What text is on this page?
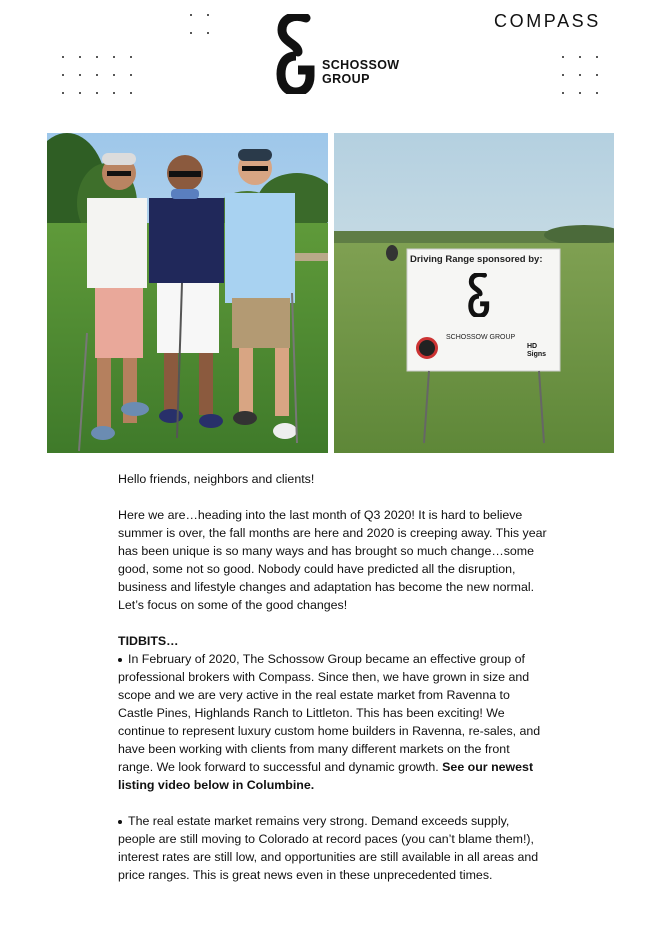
SCHOSSOW
GROUP
COMPASS
Driving Range sponsored by:
SCHOSSOW GROUP
HD Signs

Hello friends, neighbors and clients!

Here we are…heading into the last month of Q3 2020! It is hard to believe summer is over, the fall months are here and 2020 is creeping away. This year has been unique is so many ways and has brought so much change…some good, some not so good. Nobody could have predicted all the disruption, business and lifestyle changes and adaptation has become the new normal. Let’s focus on some of the good changes!

TIDBITS…
In February of 2020, The Schossow Group became an effective group of professional brokers with Compass. Since then, we have grown in size and scope and we are very active in the real estate market from Ravenna to Castle Pines, Highlands Ranch to Littleton. This has been exciting! We continue to represent luxury custom home builders in Ravenna, re-sales, and have been working with clients from many different markets on the front range. We look forward to successful and dynamic growth. See our newest listing video below in Columbine.
The real estate market remains very strong. Demand exceeds supply, people are still moving to Colorado at record paces (you can’t blame them!), interest rates are still low, and opportunities are still available in all areas and price ranges. This is great news even in these unprecedented times.
